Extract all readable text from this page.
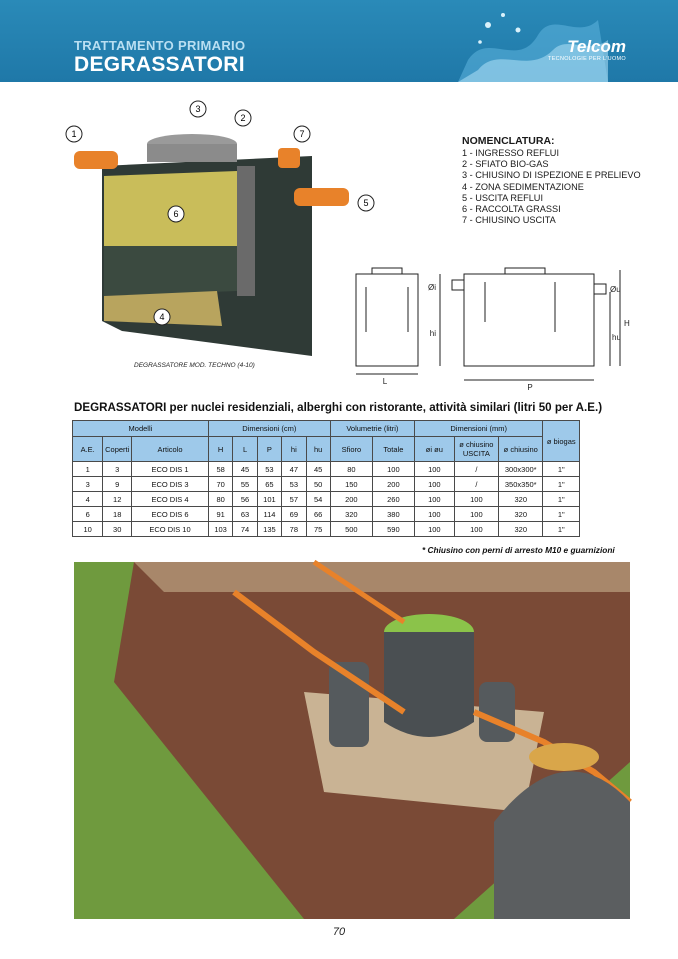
TRATTAMENTO PRIMARIO
DEGRASSATORI
Telcom
TECNOLOGIE PER L'UOMO
1
2
3
4
5
6
7
DEGRASSATORE MOD. TECHNO (4-10)
NOMENCLATURA:
1 - INGRESSO REFLUI
2 - SFIATO BIO-GAS
3 - CHIUSINO DI ISPEZIONE E PRELIEVO
4 - ZONA SEDIMENTAZIONE
5 - USCITA REFLUI
6 - RACCOLTA GRASSI
7 - CHIUSINO USCITA
L
P
Øi	Øu
hi
H
hu
DEGRASSATORI per nuclei residenziali, alberghi con ristorante, attività similari (litri 50 per A.E.)
Modelli			Dimensioni (cm)					Volumetrie (litri)		Dimensioni (mm)			ø biogas
A.E.	Coperti	Articolo	H	L	P	hi	hu	Sfioro	Totale	øi øu	ø chiusino USCITA	ø chiusino	
1	3	ECO DIS 1	58	45	53	47	45	80	100	100	/	300x300*	1"
3	9	ECO DIS 3	70	55	65	53	50	150	200	100	/	350x350*	1"
4	12	ECO DIS 4	80	56	101	57	54	200	260	100	100	320	1"
6	18	ECO DIS 6	91	63	114	69	66	320	380	100	100	320	1"
10	30	ECO DIS 10	103	74	135	78	75	500	590	100	100	320	1"
* Chiusino con perni di arresto M10 e guarnizioni
70
